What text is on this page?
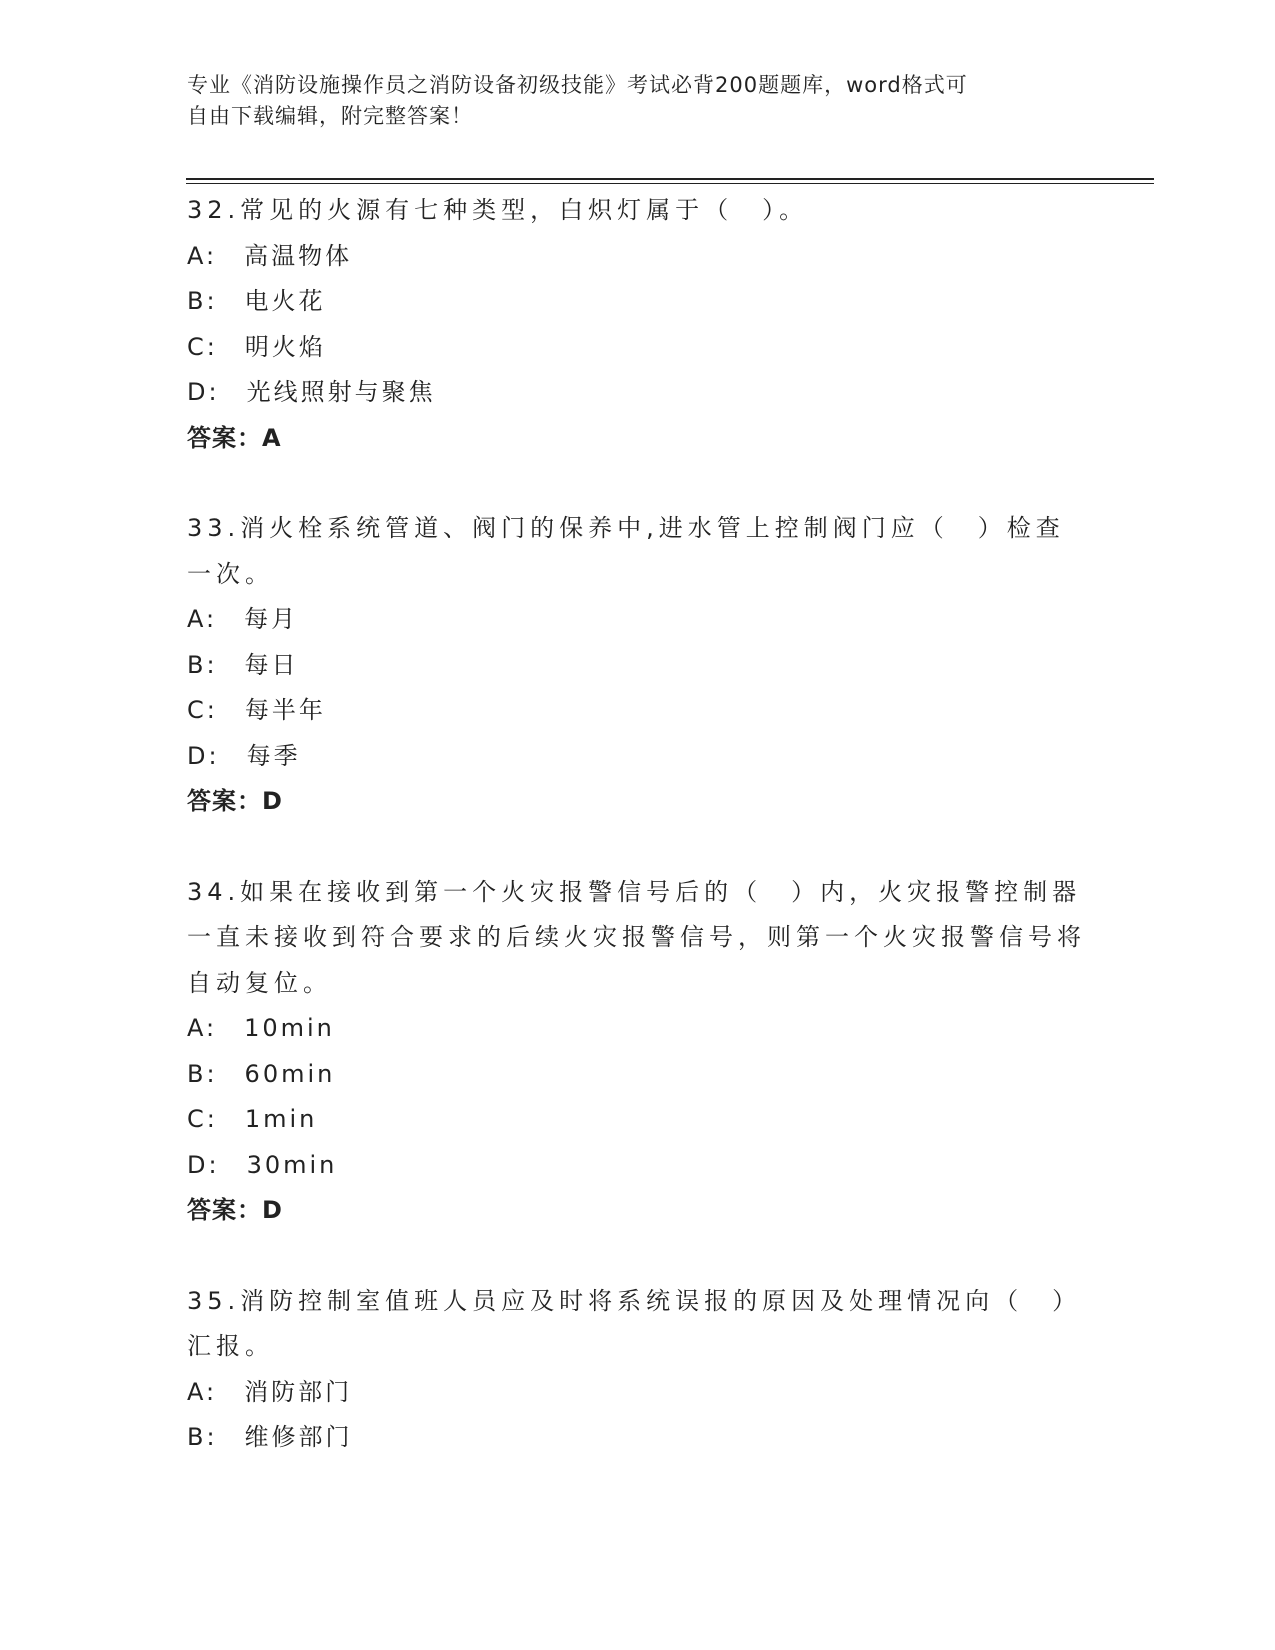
专业《消防设施操作员之消防设备初级技能》考试必背200题题库，word格式可
自由下载编辑，附完整答案！
32.常见的火源有七种类型，白炽灯属于（　）。
A:　高温物体
B:　电火花
C:　明火焰
D:　光线照射与聚焦
答案：A
33.消火栓系统管道、阀门的保养中,进水管上控制阀门应（　）检查一次。
A:　每月
B:　每日
C:　每半年
D:　每季
答案：D
34.如果在接收到第一个火灾报警信号后的（　）内，火灾报警控制器一直未接收到符合要求的后续火灾报警信号，则第一个火灾报警信号将自动复位。
A:　10min
B:　60min
C:　1min
D:　30min
答案：D
35.消防控制室值班人员应及时将系统误报的原因及处理情况向（　）汇报。
A:　消防部门
B:　维修部门
